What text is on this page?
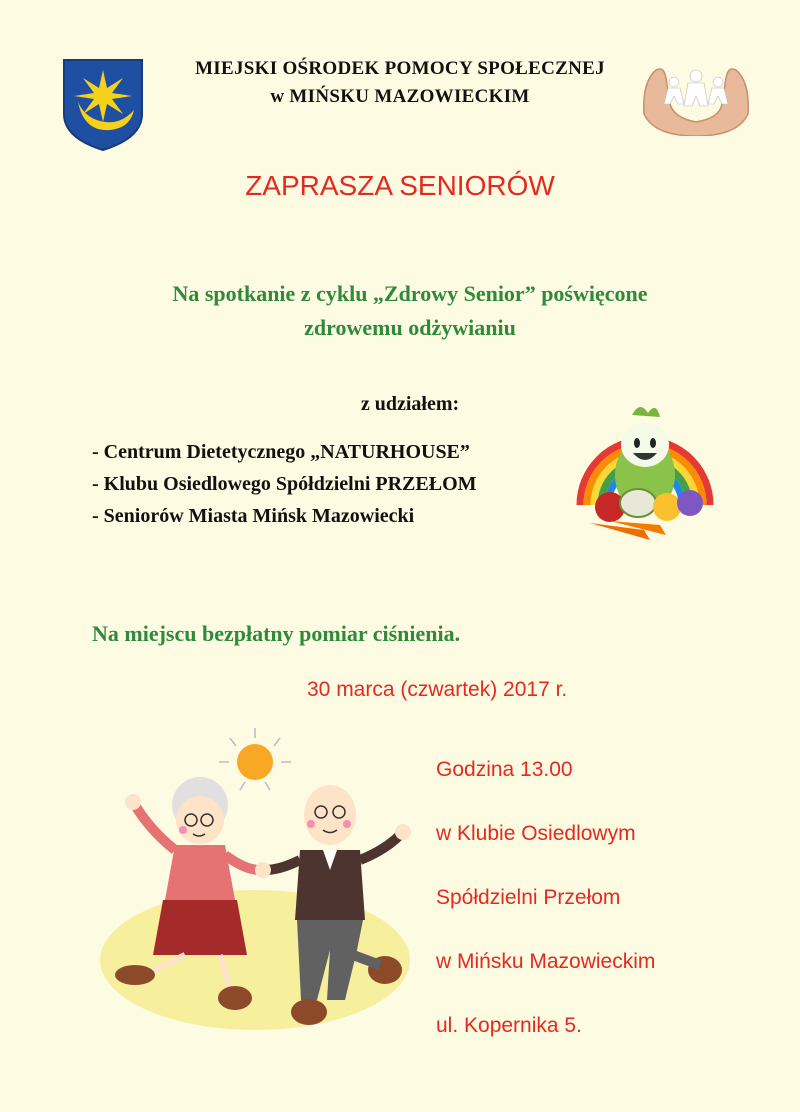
MIEJSKI OŚRODEK POMOCY SPOŁECZNEJ
w MIŃSKU MAZOWIECKIM
ZAPRASZA SENIORÓW
Na spotkanie z cyklu „Zdrowy Senior” poświęcone
zdrowemu odżywianiu
z udziałem:
- Centrum Dietetycznego „NATURHOUSE”
- Klubu Osiedlowego Spółdzielni PRZEŁOM
- Seniorów Miasta Mińsk Mazowiecki
Na miejscu bezpłatny pomiar ciśnienia.
30 marca (czwartek) 2017 r.
Godzina 13.00
w Klubie Osiedlowym
Spółdzielni Przełom
w Mińsku Mazowieckim
ul. Kopernika 5.
